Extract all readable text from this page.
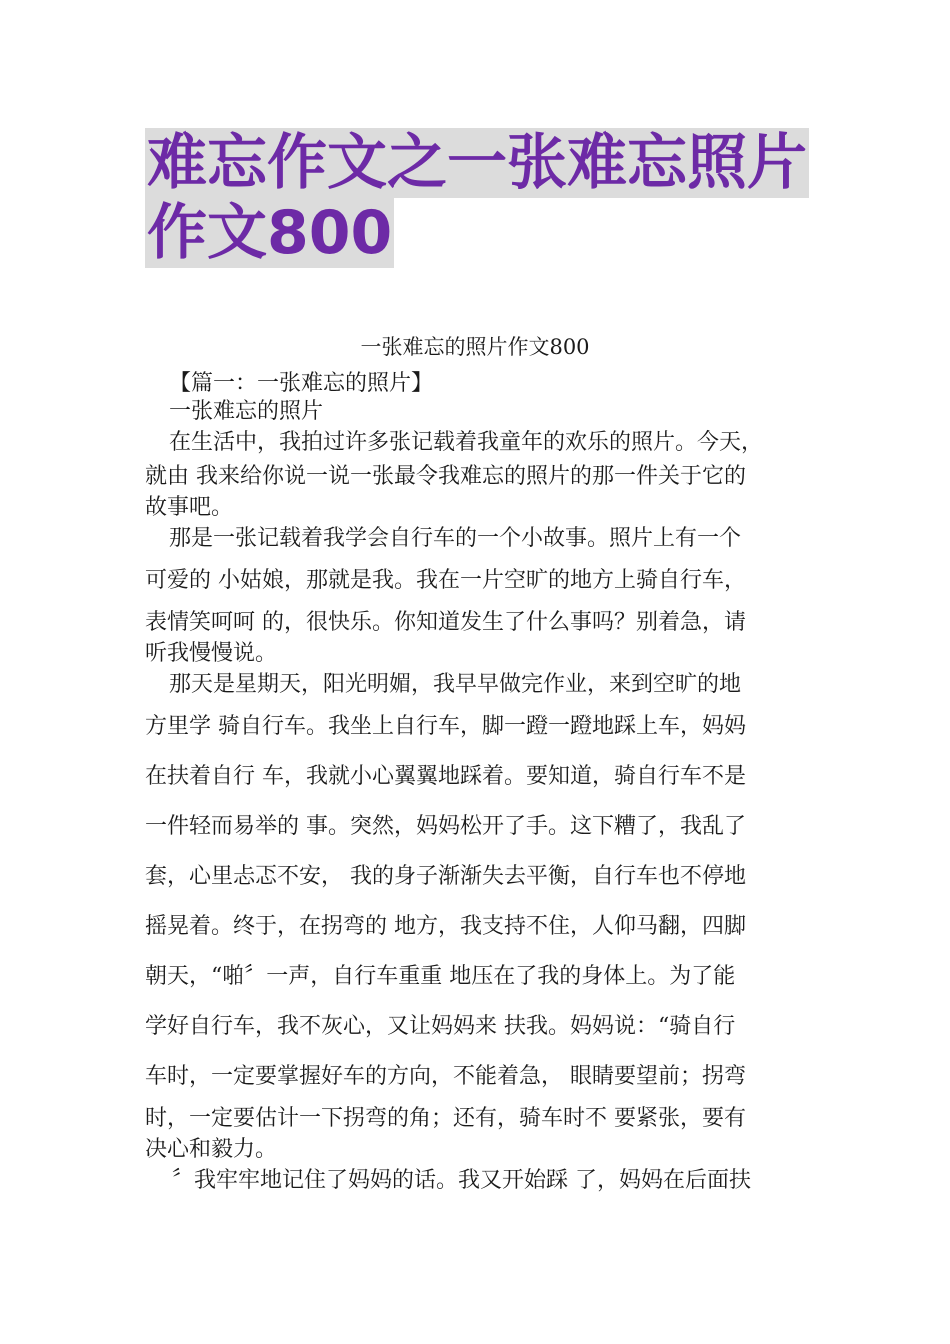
难忘作文之一张难忘照片
作文800

一张难忘的照片作文800

【篇一：一张难忘的照片】

一张难忘的照片

在生活中，我拍过许多张记载着我童年的欢乐的照片。今天，

就由 我来给你说一说一张最令我难忘的照片的那一件关于它的

故事吧。

那是一张记载着我学会自行车的一个小故事。照片上有一个

可爱的 小姑娘，那就是我。我在一片空旷的地方上骑自行车，

表情笑呵呵 的，很快乐。你知道发生了什么事吗？别着急，请

听我慢慢说。

那天是星期天，阳光明媚，我早早做完作业，来到空旷的地

方里学 骑自行车。我坐上自行车，脚一蹬一蹬地踩上车，妈妈

在扶着自行 车，我就小心翼翼地踩着。要知道，骑自行车不是

一件轻而易举的 事。突然，妈妈松开了手。这下糟了，我乱了

套，心里忐忑不安， 我的身子渐渐失去平衡，自行车也不停地

摇晃着。终于，在拐弯的 地方，我支持不住，人仰马翻，四脚

朝天，“啪〞一声，自行车重重 地压在了我的身体上。为了能

学好自行车，我不灰心，又让妈妈来 扶我。妈妈说：“骑自行

车时，一定要掌握好车的方向，不能着急， 眼睛要望前；拐弯

时，一定要估计一下拐弯的角；还有，骑车时不 要紧张，要有

决心和毅力。

〞我牢牢地记住了妈妈的话。我又开始踩 了，妈妈在后面扶
